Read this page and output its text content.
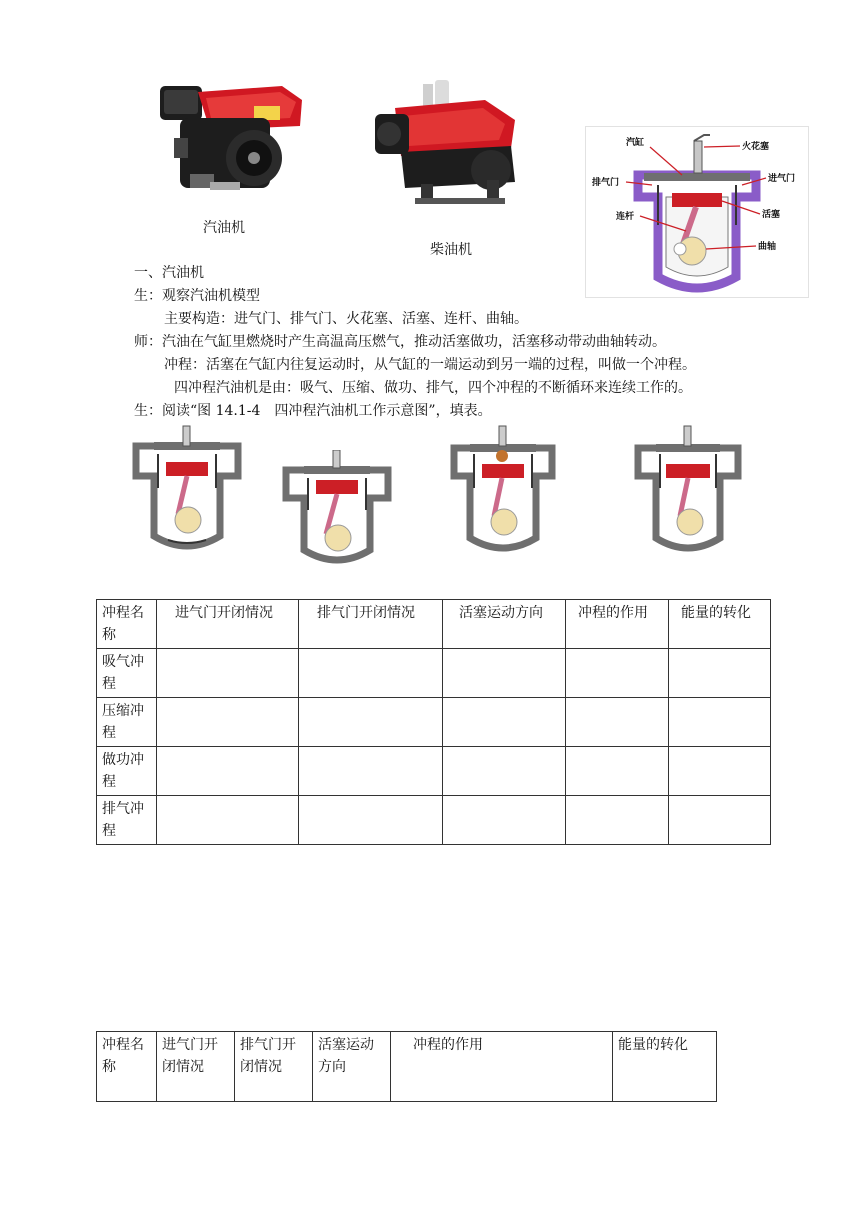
汽油机
柴油机
汽缸	火花塞
排气门	进气门
连杆	活塞
曲轴
一、汽油机
生：观察汽油机模型
主要构造：进气门、排气门、火花塞、活塞、连杆、曲轴。
师：汽油在气缸里燃烧时产生高温高压燃气，推动活塞做功，活塞移动带动曲轴转动。
冲程：活塞在气缸内往复运动时，从气缸的一端运动到另一端的过程，叫做一个冲程。
四冲程汽油机是由：吸气、压缩、做功、排气，四个冲程的不断循环来连续工作的。
生：阅读“图 14.1-4　四冲程汽油机工作示意图”，填表。
冲程名称	进气门开闭情况	排气门开闭情况	活塞运动方向	冲程的作用	能量的转化
吸气冲程					
压缩冲程					
做功冲程					
排气冲程					
冲程名称	进气门开闭情况	排气门开闭情况	活塞运动方向	冲程的作用	能量的转化
